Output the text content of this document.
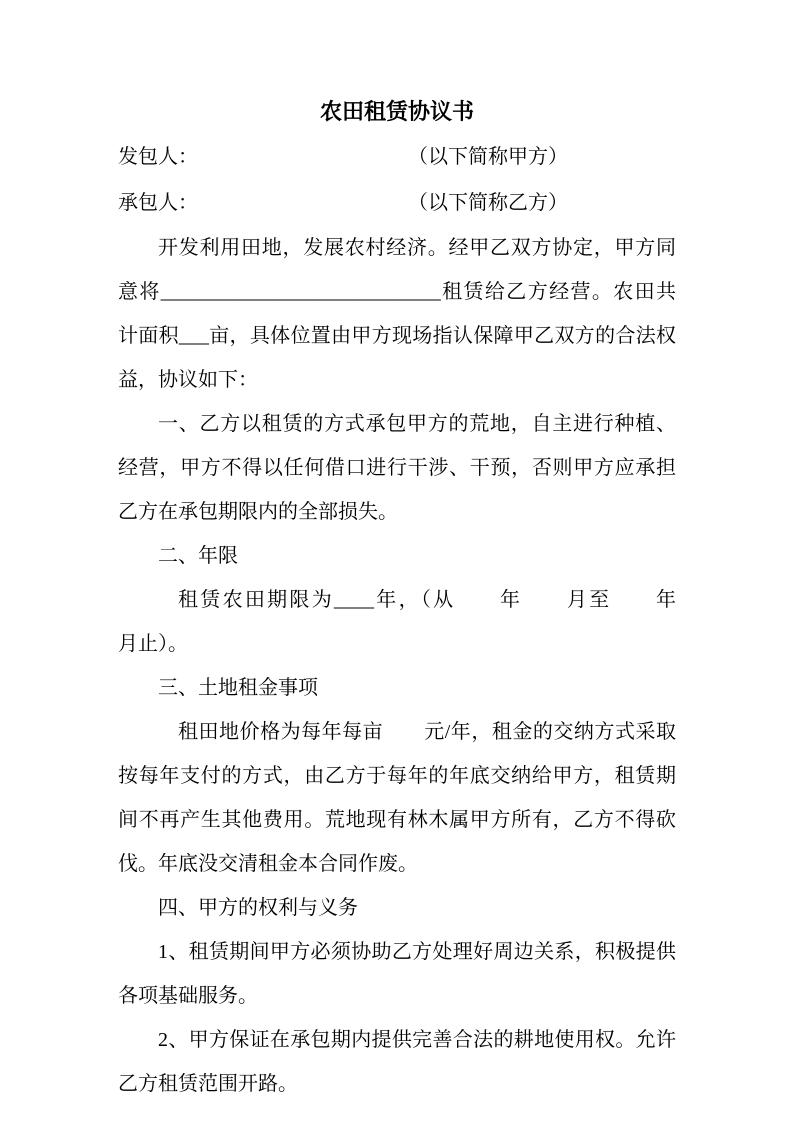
农田租赁协议书
发包人：	（以下简称甲方）
承包人：	（以下简称乙方）

开发利用田地，发展农村经济。经甲乙双方协定，甲方同意将____________________________租赁给乙方经营。农田共计面积___亩，具体位置由甲方现场指认保障甲乙双方的合法权益，协议如下：

一、乙方以租赁的方式承包甲方的荒地，自主进行种植、经营，甲方不得以任何借口进行干涉、干预，否则甲方应承担乙方在承包期限内的全部损失。

二、年限

租赁农田期限为____年，（从　　年　　月至　　年　　月止）。

三、土地租金事项

租田地价格为每年每亩　　元/年，租金的交纳方式采取按每年支付的方式，由乙方于每年的年底交纳给甲方，租赁期间不再产生其他费用。荒地现有林木属甲方所有，乙方不得砍伐。年底没交清租金本合同作废。

四、甲方的权利与义务

1、租赁期间甲方必须协助乙方处理好周边关系，积极提供各项基础服务。

2、甲方保证在承包期内提供完善合法的耕地使用权。允许乙方租赁范围开路。
